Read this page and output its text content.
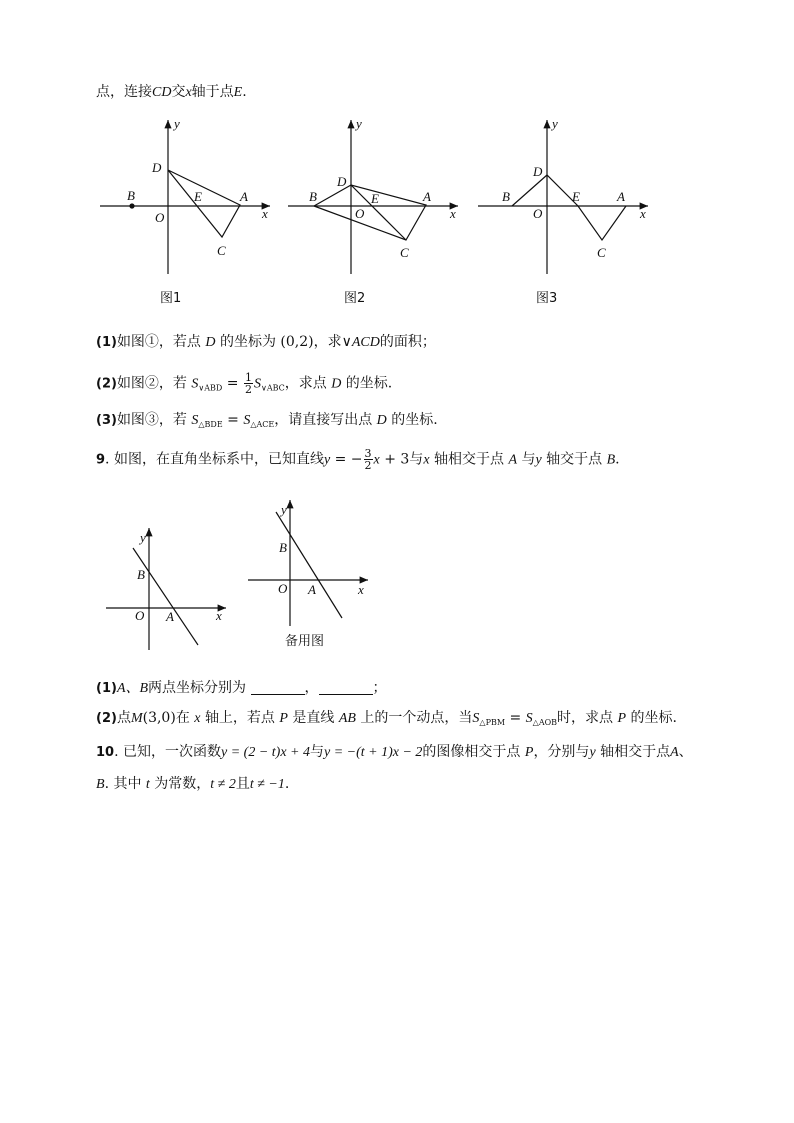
点，连接CD交x轴于点E.
y
x
D
B
O
E	A
C
图1
y
x
D
B
O
E	A
C
图2
y
x
D
B
O
E	A
C
图3
(1)如图①，若点 D 的坐标为 (0,2)，求∨ACD的面积；
(2)如图②，若 $S_{\vee ABD} = \frac{1}{2} S_{\vee ABC}$，求点 D 的坐标.
(3)如图③，若 $S_{\triangle BDE} = S_{\triangle ACE}$，请直接写出点 D 的坐标.
9. 如图，在直角坐标系中，已知直线y = − $\frac{3}{2}$ x + 3与x 轴相交于点 A 与y 轴交于点 B.
y
x
B
O A
y
x
B
O A
备用图
(1)A、B两点坐标分别为	，	；
(2)点M(3,0)在 x 轴上，若点 P 是直线 AB 上的一个动点，当$S_{\triangle PBM} = S_{\triangle AOB}$时，求点 P 的坐标.
10. 已知，一次函数y = (2 − t)x + 4与y = −(t + 1)x − 2的图像相交于点 P，分别与y 轴相交于点A、
B. 其中 t 为常数，t ≠ 2且t ≠ −1.
